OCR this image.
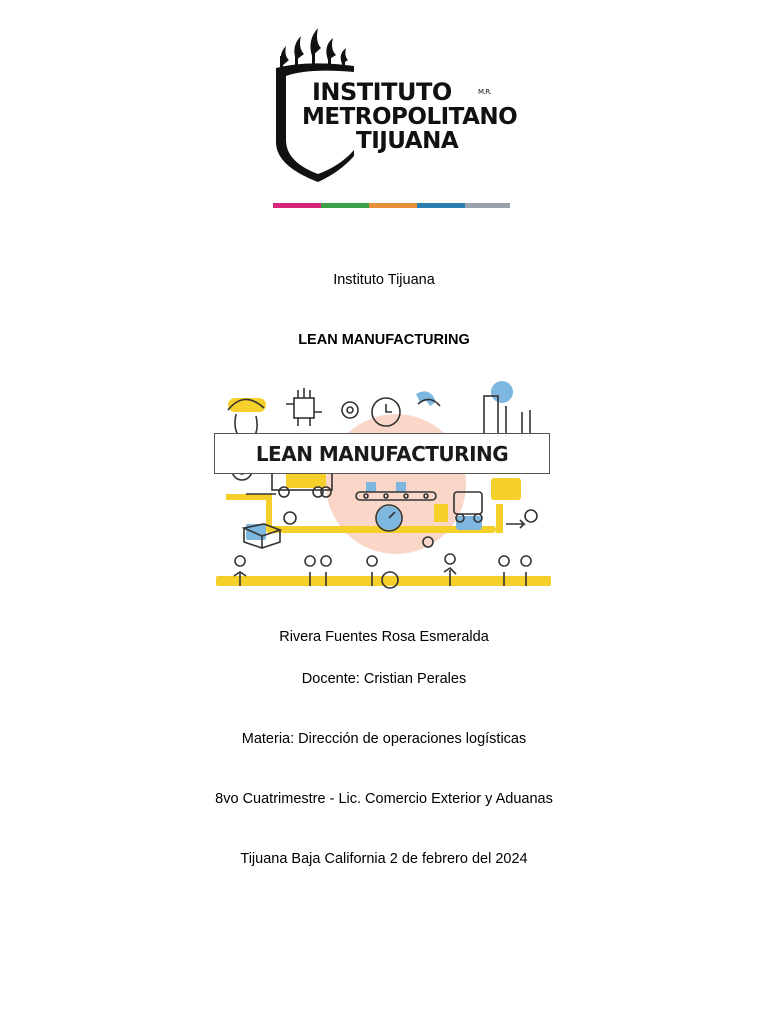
INSTITUTO	M.R.
METROPOLITANO
TIJUANA
Instituto Tijuana
LEAN MANUFACTURING
LEAN MANUFACTURING
Rivera Fuentes Rosa Esmeralda
Docente: Cristian Perales
Materia: Dirección de operaciones logísticas
8vo Cuatrimestre - Lic. Comercio Exterior y Aduanas
Tijuana Baja California 2 de febrero del 2024
